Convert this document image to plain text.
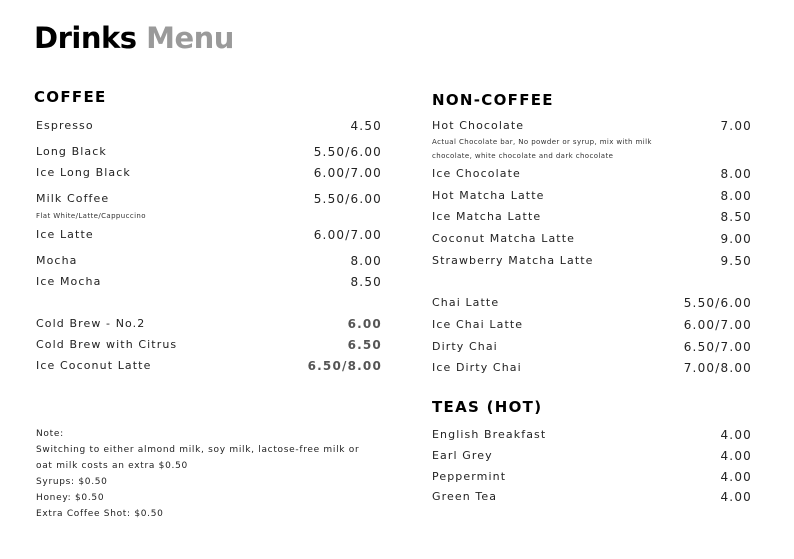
Drinks Menu
COFFEE
Espresso	4.50
Long Black	5.50/6.00
Ice Long Black	6.00/7.00
Milk Coffee	5.50/6.00
Flat White/Latte/Cappuccino
Ice Latte	6.00/7.00
Mocha	8.00
Ice Mocha	8.50
Cold Brew - No.2	6.00
Cold Brew with Citrus	6.50
Ice Coconut Latte	6.50/8.00
NON-COFFEE
Hot Chocolate	7.00
Actual Chocolate bar, No powder or syrup, mix with milk
chocolate, white chocolate and dark chocolate
Ice Chocolate	8.00
Hot Matcha Latte	8.00
Ice Matcha Latte	8.50
Coconut Matcha Latte	9.00
Strawberry Matcha Latte	9.50
Chai Latte	5.50/6.00
Ice Chai Latte	6.00/7.00
Dirty Chai	6.50/7.00
Ice Dirty Chai	7.00/8.00
TEAS (HOT)
English Breakfast	4.00
Earl Grey	4.00
Peppermint	4.00
Green Tea	4.00
Note:
Switching to either almond milk, soy milk, lactose-free milk or
oat milk costs an extra $0.50
Syrups: $0.50
Honey: $0.50
Extra Coffee Shot: $0.50
